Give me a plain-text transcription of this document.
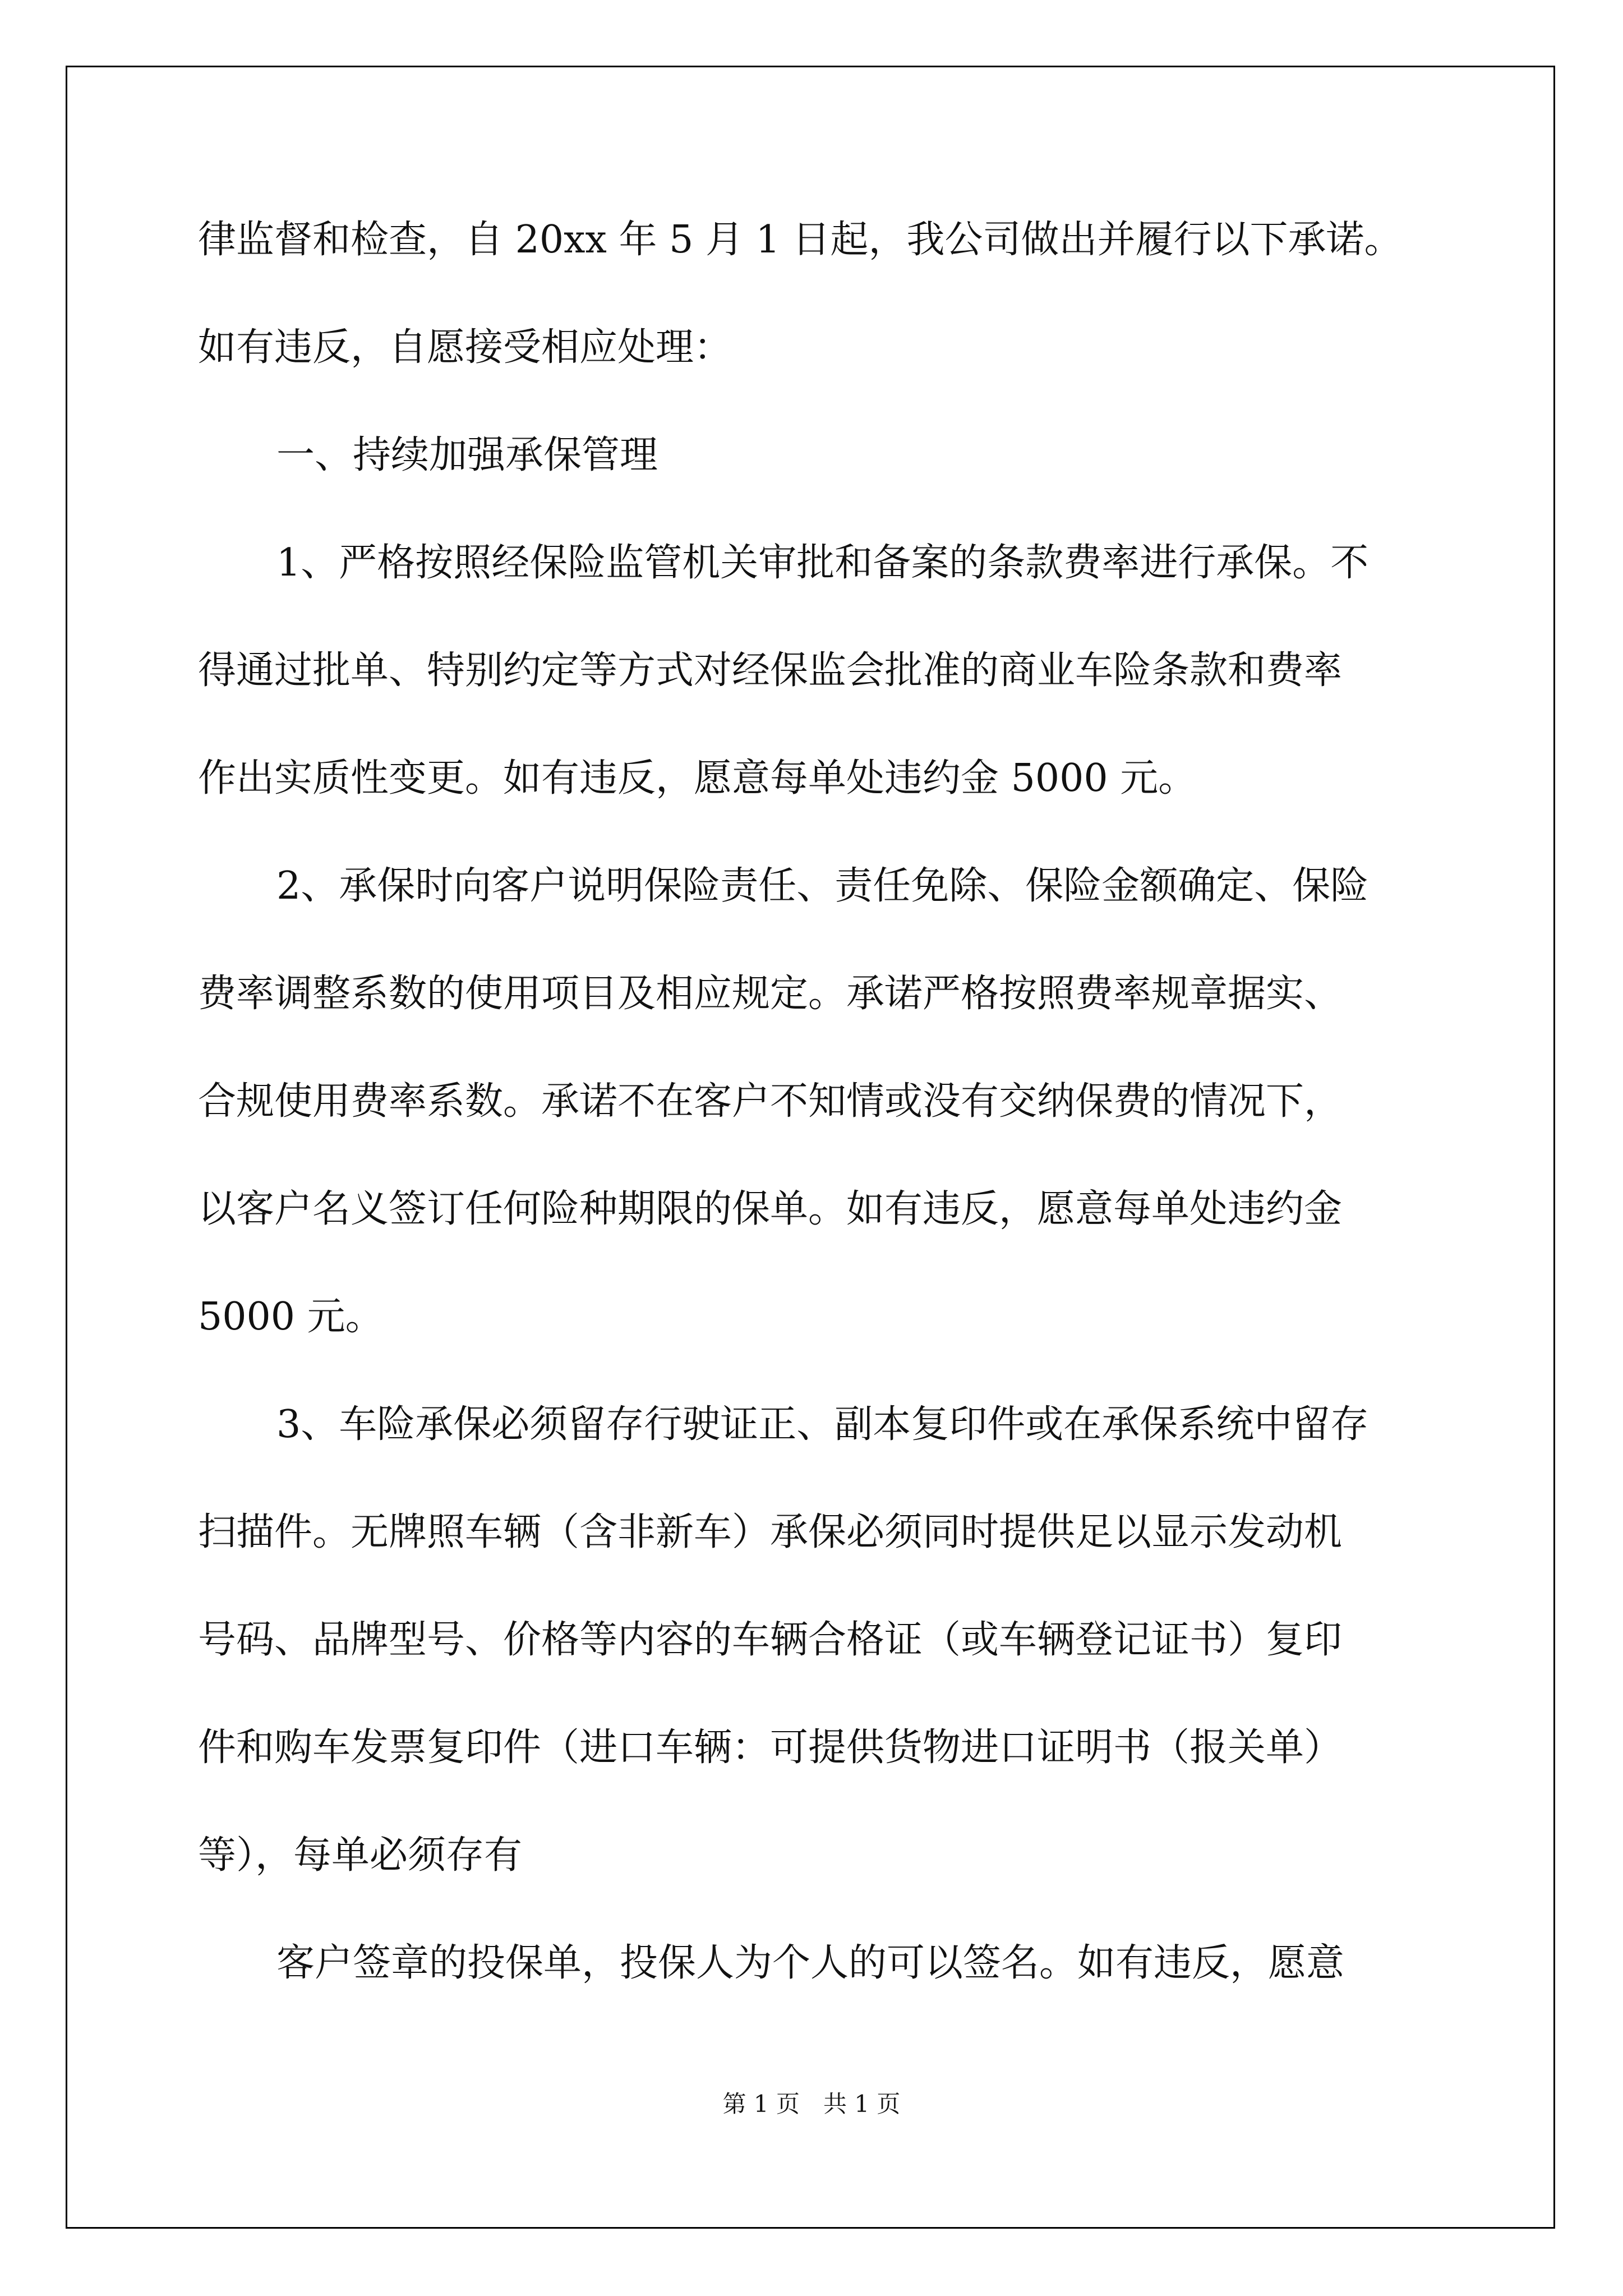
律监督和检查，自 20xx 年 5 月 1 日起，我公司做出并履行以下承诺。
如有违反，自愿接受相应处理：
一、持续加强承保管理
1、严格按照经保险监管机关审批和备案的条款费率进行承保。不
得通过批单、特别约定等方式对经保监会批准的商业车险条款和费率
作出实质性变更。如有违反，愿意每单处违约金 5000 元。
2、承保时向客户说明保险责任、责任免除、保险金额确定、保险
费率调整系数的使用项目及相应规定。承诺严格按照费率规章据实、
合规使用费率系数。承诺不在客户不知情或没有交纳保费的情况下，
以客户名义签订任何险种期限的保单。如有违反，愿意每单处违约金
5000 元。
3、车险承保必须留存行驶证正、副本复印件或在承保系统中留存
扫描件。无牌照车辆（含非新车）承保必须同时提供足以显示发动机
号码、品牌型号、价格等内容的车辆合格证（或车辆登记证书）复印
件和购车发票复印件（进口车辆：可提供货物进口证明书（报关单）
等），每单必须存有
客户签章的投保单，投保人为个人的可以签名。如有违反，愿意
第 1 页　共 1 页
